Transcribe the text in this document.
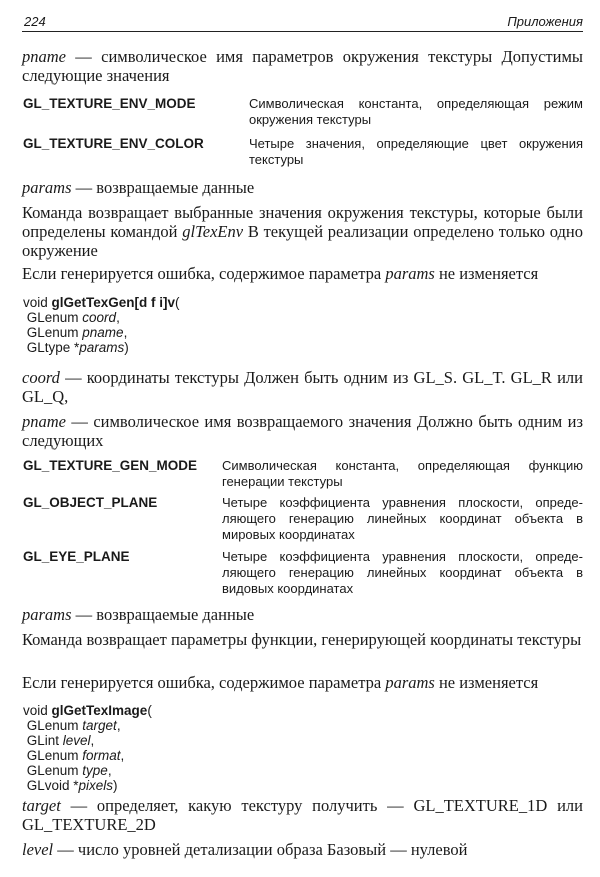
224	Приложения

pname — символическое имя параметров окружения текстуры Допустимы следующие значения

GL_TEXTURE_ENV_MODE	Символическая константа, определяющая режим окружения текстуры
GL_TEXTURE_ENV_COLOR	Четыре значения, определяющие цвет окружения текстуры

params — возвращаемые данные

Команда возвращает выбранные значения окружения текстуры, которые были определены командой glTexEnv В текущей реализации определено только одно окружение

Если генерируется ошибка, содержимое параметра params не изменяется

void glGetTexGen[d f i]v(
GLenum coord,
GLenum pname,
GLtype *params)

coord — координаты текстуры Должен быть одним из GL_S. GL_T. GL_R или GL_Q,

pname — символическое имя возвращаемого значения Должно быть одним из следующих

GL_TEXTURE_GEN_MODE Символическая константа, определяющая функцию генерации текстуры
GL_OBJECT_PLANE	Четыре коэффициента уравнения плоскости, определяющего генерацию линейных координат объекта в мировых координатах
GL_EYE_PLANE	Четыре коэффициента уравнения плоскости, определяющего генерацию линейных координат объекта в видовых координатах

params — возвращаемые данные

Команда возвращает параметры функции, генерирующей координаты текстуры

Если генерируется ошибка, содержимое параметра params не изменяется

void glGetTexImage(
GLenum target,
GLint level,
GLenum format,
GLenum type,
GLvoid *pixels)

target — определяет, какую текстуру получить — GL_TEXTURE_1D или GL_TEXTURE_2D

level — число уровней детализации образа Базовый — нулевой
